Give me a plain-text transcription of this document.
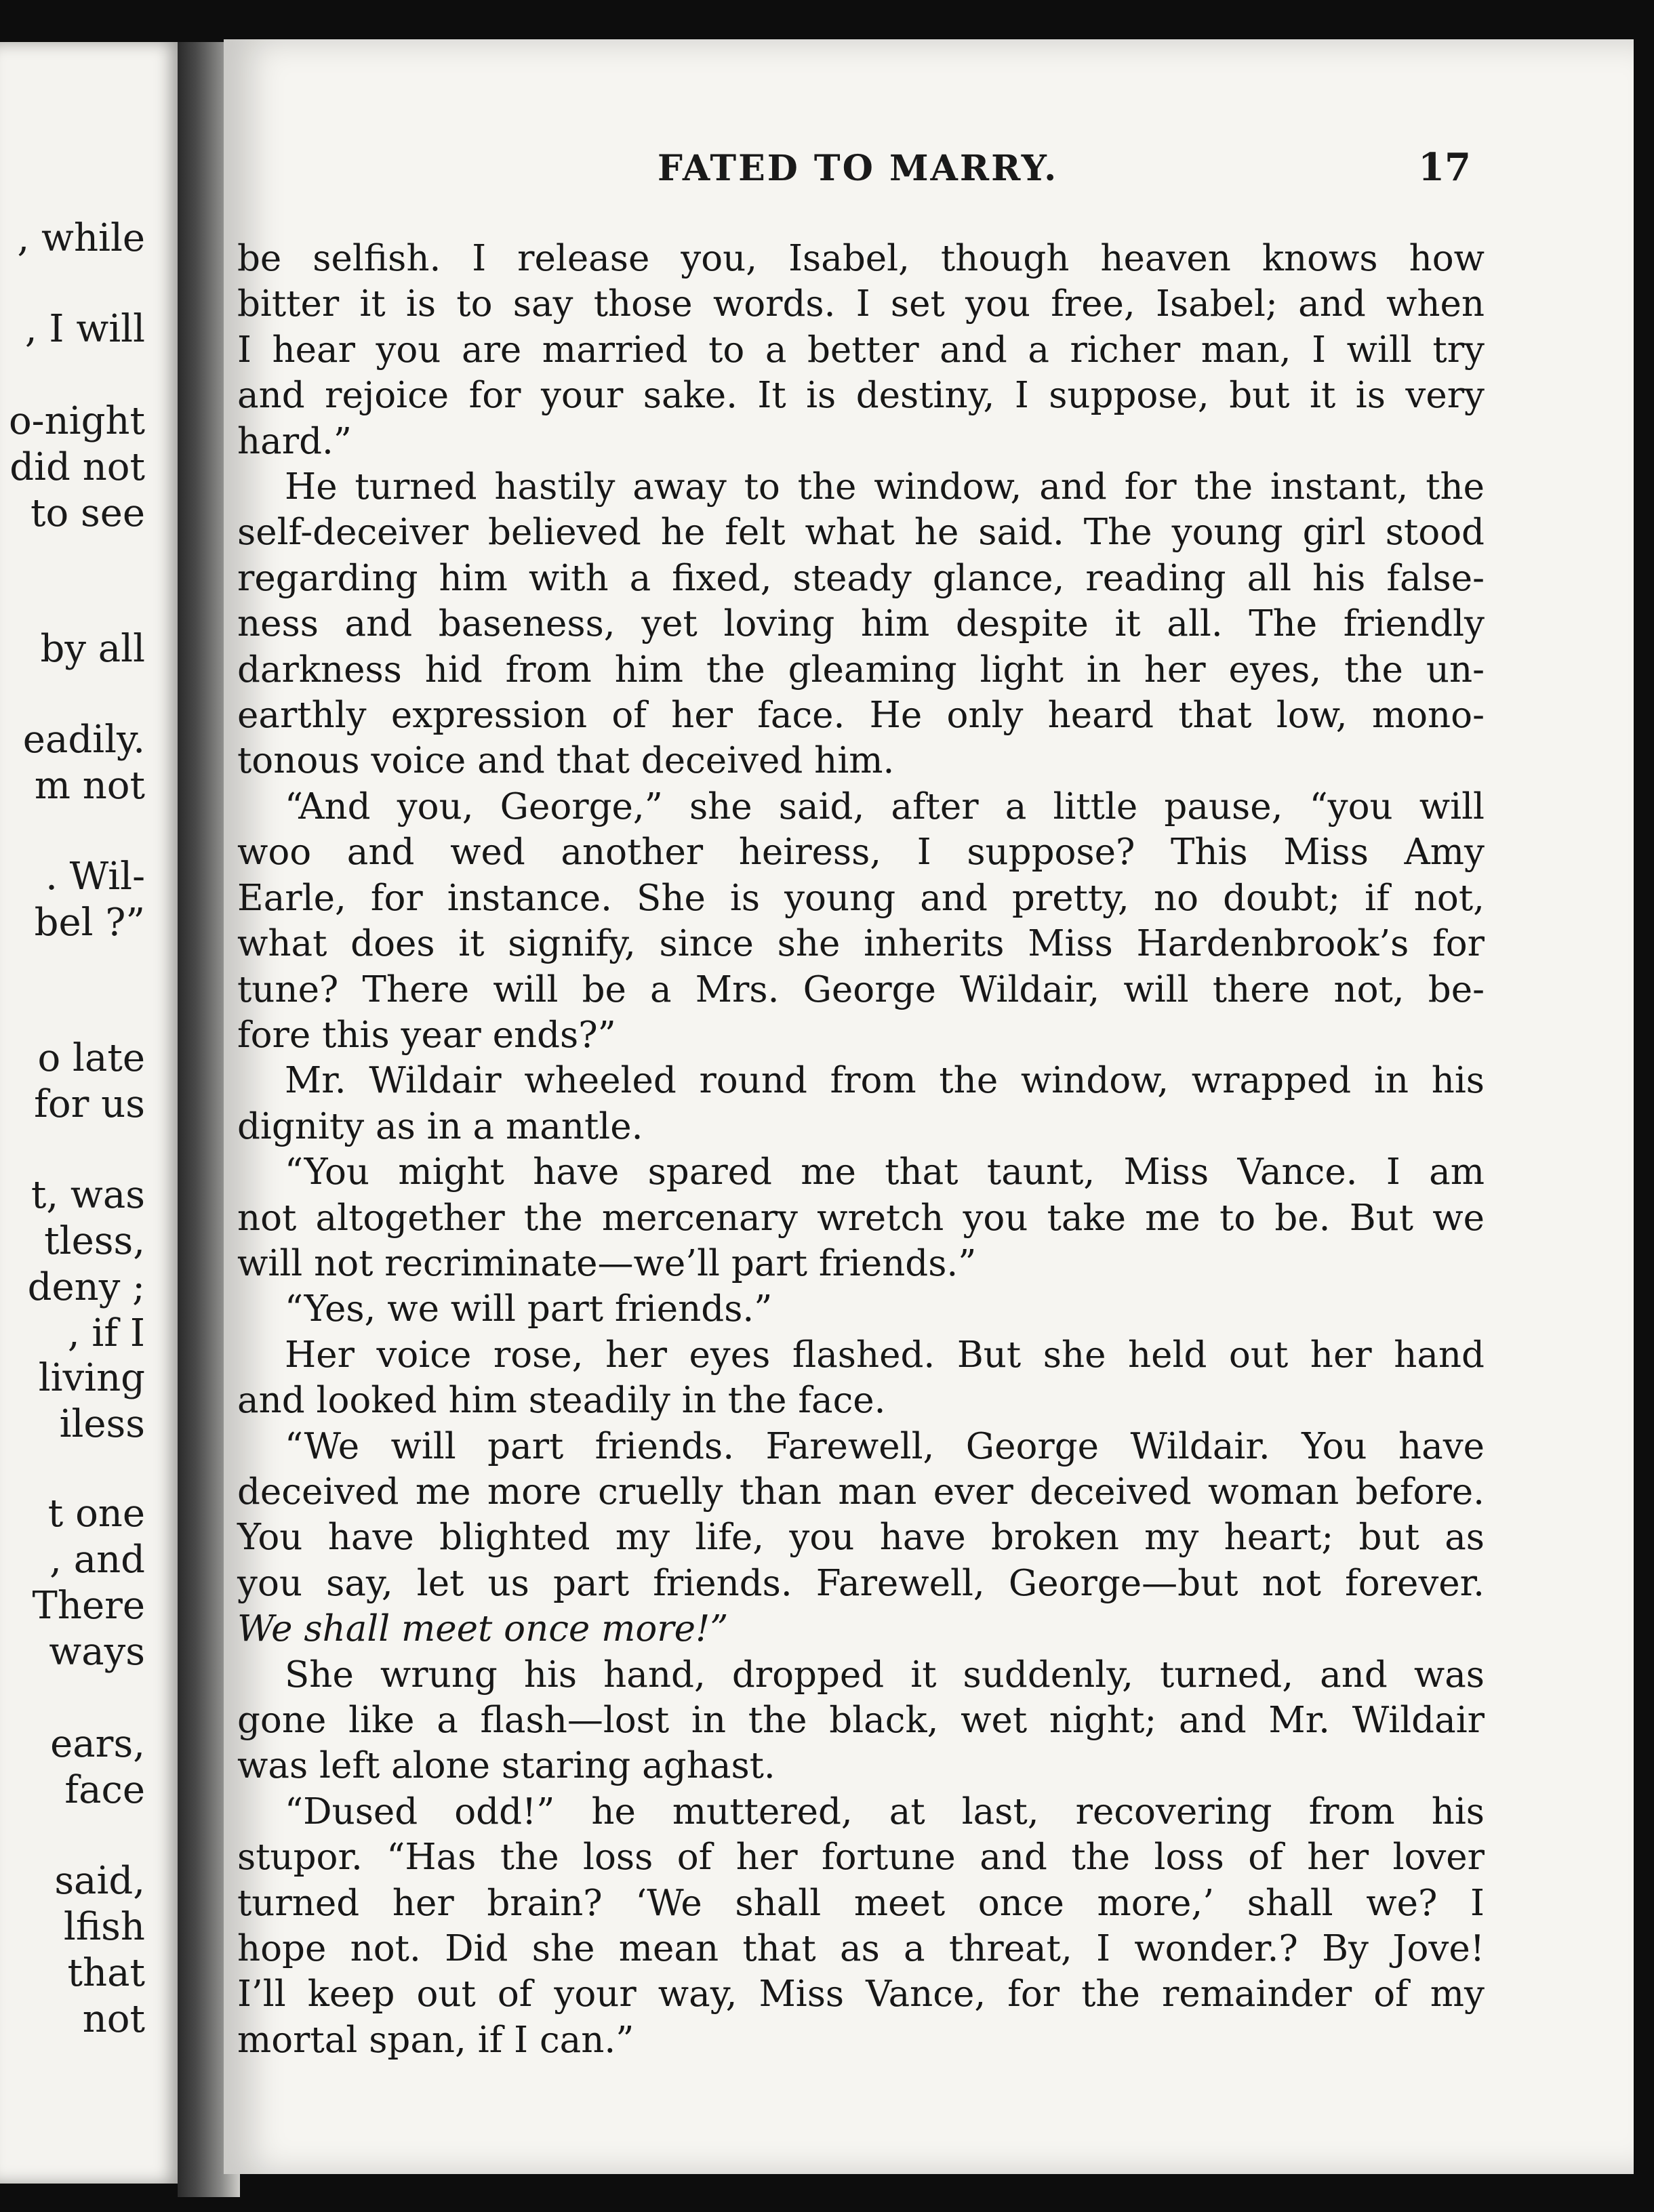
, while
, I will
o-night
did not
to see
by all
eadily.
m not
. Wil-
bel ?”
o late
for us
t, was
tless,
deny ;
, if I
living
iless
t one
, and
There
ways
ears,
face
said,
lfish
that
not
FATED TO MARRY.	17
be selfish. I release you, Isabel, though heaven knows how
bitter it is to say those words. I set you free, Isabel; and when
I hear you are married to a better and a richer man, I will try
and rejoice for your sake. It is destiny, I suppose, but it is very
hard.”
He turned hastily away to the window, and for the instant, the
self-deceiver believed he felt what he said. The young girl stood
regarding him with a fixed, steady glance, reading all his false-
ness and baseness, yet loving him despite it all. The friendly
darkness hid from him the gleaming light in her eyes, the un-
earthly expression of her face. He only heard that low, mono-
tonous voice and that deceived him.
“And you, George,” she said, after a little pause, “you will
woo and wed another heiress, I suppose? This Miss Amy
Earle, for instance. She is young and pretty, no doubt; if not,
what does it signify, since she inherits Miss Hardenbrook’s for
tune? There will be a Mrs. George Wildair, will there not, be-
fore this year ends?”
Mr. Wildair wheeled round from the window, wrapped in his
dignity as in a mantle.
“You might have spared me that taunt, Miss Vance. I am
not altogether the mercenary wretch you take me to be. But we
will not recriminate—we’ll part friends.”
“Yes, we will part friends.”
Her voice rose, her eyes flashed. But she held out her hand
and looked him steadily in the face.
“We will part friends. Farewell, George Wildair. You have
deceived me more cruelly than man ever deceived woman before.
You have blighted my life, you have broken my heart; but as
you say, let us part friends. Farewell, George—but not forever.
We shall meet once more!”
She wrung his hand, dropped it suddenly, turned, and was
gone like a flash—lost in the black, wet night; and Mr. Wildair
was left alone staring aghast.
“Dused odd!” he muttered, at last, recovering from his
stupor. “Has the loss of her fortune and the loss of her lover
turned her brain? ‘We shall meet once more,’ shall we? I
hope not. Did she mean that as a threat, I wonder.? By Jove!
I’ll keep out of your way, Miss Vance, for the remainder of my
mortal span, if I can.”
